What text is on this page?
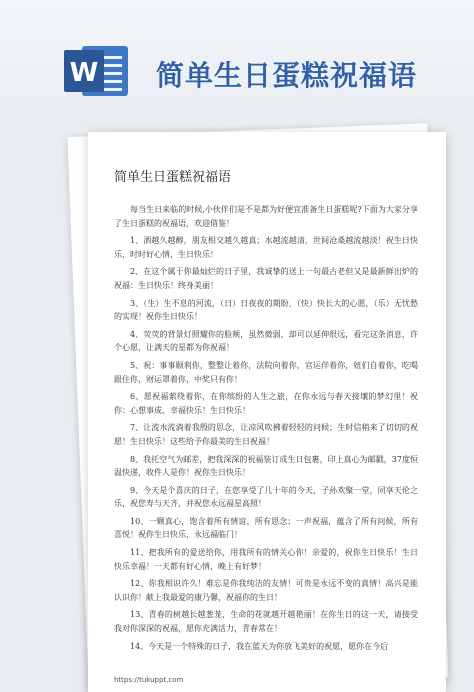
W 简单生日蛋糕祝福语
简单生日蛋糕祝福语

每当生日来临的时候,小伙伴们是不是都为好便宜准备生日蛋糕呢?下面为大家分享了生日蛋糕的祝福语，欢迎借鉴！

1、酒越久越醇，朋友相交越久越真；水越流越清，世间沧桑越流越淡！祝生日快乐，时时好心情，生日快乐！

2、在这个属于你最灿烂的日子里，我诚挚的送上一句最古老但又是最新鲜出炉的祝福：生日快乐！终身美丽！

3、（生）生不息的河流，（日）日夜夜的期盼，（快）快长大的心愿，（乐）无忧愁的实现！祝你生日快乐！

4、荧荧的背景灯照耀你的脸颊，虽然微弱，却可以延伸很远，看完这条消息，许个心愿，让满天的星都为你祝福！

5、祝：事事顺利你，整整让着你，法院向着你，官运伴着你，妞们自着你，吃喝跟住你，财运罩着你，中奖只有你！

6、愿祝福萦绕着你，在你缤纷的人生之旅，在你永远与春天接壤的梦幻里！祝你：心想事成、幸福快乐！生日快乐！

7、让流水流淌着我殷的思念，让凉风吹拂着轻轻的问候；生时信稍来了切切的祝愿！生日快乐！这些给予你最美的生日祝福！

8、我托空气为邮差，把我深深的祝福装订成生日包裹，印上真心为邮戳，37度恒温快递，收件人是你！祝你生日快乐！

9、今天是个喜庆的日子，在您享受了几十年的今天，子孙欢聚一堂，同享天伦之乐，祝您寿与天齐，并祝您永远福星高照！

10、一颗真心，饱含着所有情谊，所有思念；一声祝福，蕴含了所有问候，所有喜悦！祝你生日快乐，永远福临门！

11、把我所有的爱送给你，用我所有的情关心你！亲爱的，祝你生日快乐！生日快乐幸福！一天都有好心情，晚上有好梦！

12、你我相识许久！难忘是你我纯洁的友情！可贵是永远不变的真情！高兴是能认识你！献上我最爱的康乃馨，祝福你的生日！

13、青春的树越长越葱茏，生命的花就越开越艳丽！在你生日的这一天，请接受我对你深深的祝福，愿你充满活力，青春常在！

14、今天是一个特殊的日子，我在蓝天为你放飞美好的祝愿，愿你在今后

https://tukuppt.com
